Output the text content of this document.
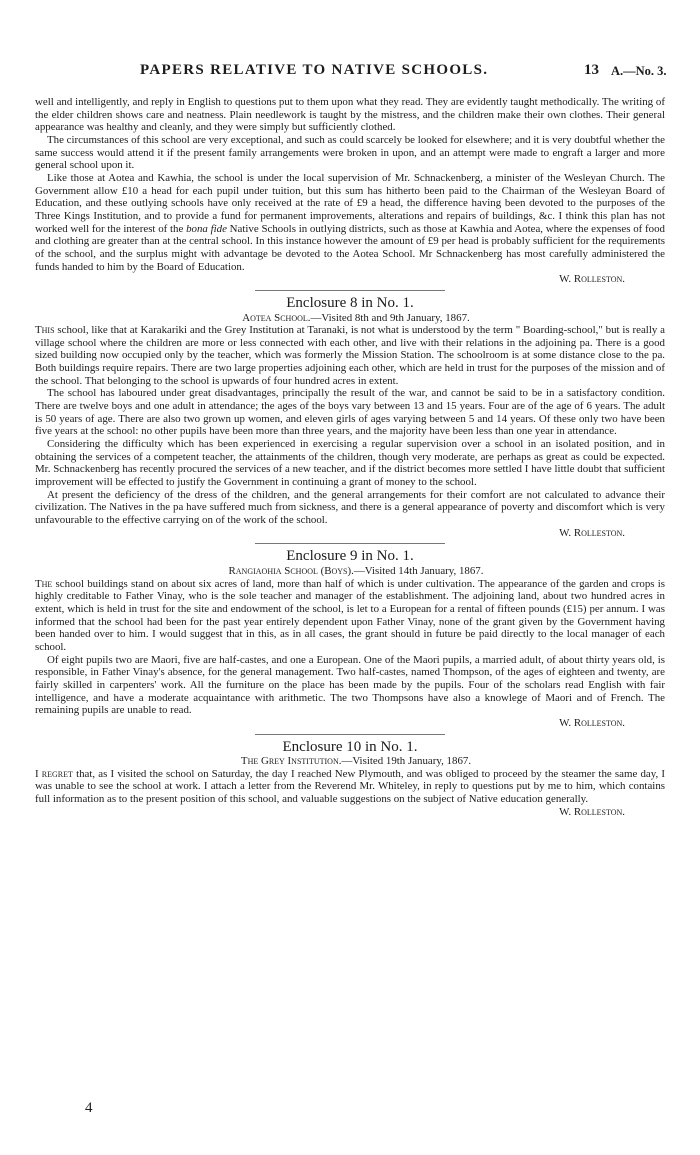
PAPERS RELATIVE TO NATIVE SCHOOLS.	13 A.—No. 3.

well and intelligently, and reply in English to questions put to them upon what they read. They are evidently taught methodically. The writing of the elder children shows care and neatness. Plain needlework is taught by the mistress, and the children make their own clothes. Their general appearance was healthy and cleanly, and they were simply but sufficiently clothed.

The circumstances of this school are very exceptional, and such as could scarcely be looked for elsewhere; and it is very doubtful whether the same success would attend it if the present family arrangements were broken in upon, and an attempt were made to engraft a larger and more general school upon it.

Like those at Aotea and Kawhia, the school is under the local supervision of Mr. Schnackenberg, a minister of the Wesleyan Church. The Government allow £10 a head for each pupil under tuition, but this sum has hitherto been paid to the Chairman of the Wesleyan Board of Education, and these outlying schools have only received at the rate of £9 a head, the difference having been devoted to the purposes of the Three Kings Institution, and to provide a fund for permanent improvements, alterations and repairs of buildings, &c. I think this plan has not worked well for the interest of the bona fide Native Schools in outlying districts, such as those at Kawhia and Aotea, where the expenses of food and clothing are greater than at the central school. In this instance however the amount of £9 per head is probably sufficient for the requirements of the school, and the surplus might with advantage be devoted to the Aotea School. Mr Schnackenberg has most carefully administered the funds handed to him by the Board of Education.

W. Rolleston.

Enclosure 8 in No. 1.

Aotea School.—Visited 8th and 9th January, 1867.

This school, like that at Karakariki and the Grey Institution at Taranaki, is not what is understood by the term " Boarding-school," but is really a village school where the children are more or less connected with each other, and live with their relations in the adjoining pa. There is a good sized building now occupied only by the teacher, which was formerly the Mission Station. The schoolroom is at some distance close to the pa. Both buildings require repairs. There are two large properties adjoining each other, which are held in trust for the purposes of the mission and of the school. That belonging to the school is upwards of four hundred acres in extent.

The school has laboured under great disadvantages, principally the result of the war, and cannot be said to be in a satisfactory condition. There are twelve boys and one adult in attendance; the ages of the boys vary between 13 and 15 years. Four are of the age of 6 years. The adult is 50 years of age. There are also two grown up women, and eleven girls of ages varying between 5 and 14 years. Of these only two have been five years at the school: no other pupils have been more than three years, and the majority have been less than one year in attendance.

Considering the difficulty which has been experienced in exercising a regular supervision over a school in an isolated position, and in obtaining the services of a competent teacher, the attainments of the children, though very moderate, are perhaps as great as could be expected. Mr. Schnackenberg has recently procured the services of a new teacher, and if the district becomes more settled I have little doubt that sufficient improvement will be effected to justify the Government in continuing a grant of money to the school.

At present the deficiency of the dress of the children, and the general arrangements for their comfort are not calculated to advance their civilization. The Natives in the pa have suffered much from sickness, and there is a general appearance of poverty and discomfort which is very unfavourable to the effective carrying on of the work of the school.

W. Rolleston.

Enclosure 9 in No. 1.

Rangiaohia School (Boys).—Visited 14th January, 1867.

The school buildings stand on about six acres of land, more than half of which is under cultivation. The appearance of the garden and crops is highly creditable to Father Vinay, who is the sole teacher and manager of the establishment. The adjoining land, about two hundred acres in extent, which is held in trust for the site and endowment of the school, is let to a European for a rental of fifteen pounds (£15) per annum. I was informed that the school had been for the past year entirely dependent upon Father Vinay, none of the grant given by the Government having been handed over to him. I would suggest that in this, as in all cases, the grant should in future be paid directly to the local manager of each school.

Of eight pupils two are Maori, five are half-castes, and one a European. One of the Maori pupils, a married adult, of about thirty years old, is responsible, in Father Vinay's absence, for the general management. Two half-castes, named Thompson, of the ages of eighteen and twenty, are fairly skilled in carpenters' work. All the furniture on the place has been made by the pupils. Four of the scholars read English with fair intelligence, and have a moderate acquaintance with arithmetic. The two Thompsons have also a knowlege of Maori and of French. The remaining pupils are unable to read.

W. Rolleston.

Enclosure 10 in No. 1.

The Grey Institution.—Visited 19th January, 1867.

I regret that, as I visited the school on Saturday, the day I reached New Plymouth, and was obliged to proceed by the steamer the same day, I was unable to see the school at work. I attach a letter from the Reverend Mr. Whiteley, in reply to questions put by me to him, which contains full information as to the present position of this school, and valuable suggestions on the subject of Native education generally.

W. Rolleston.

4
